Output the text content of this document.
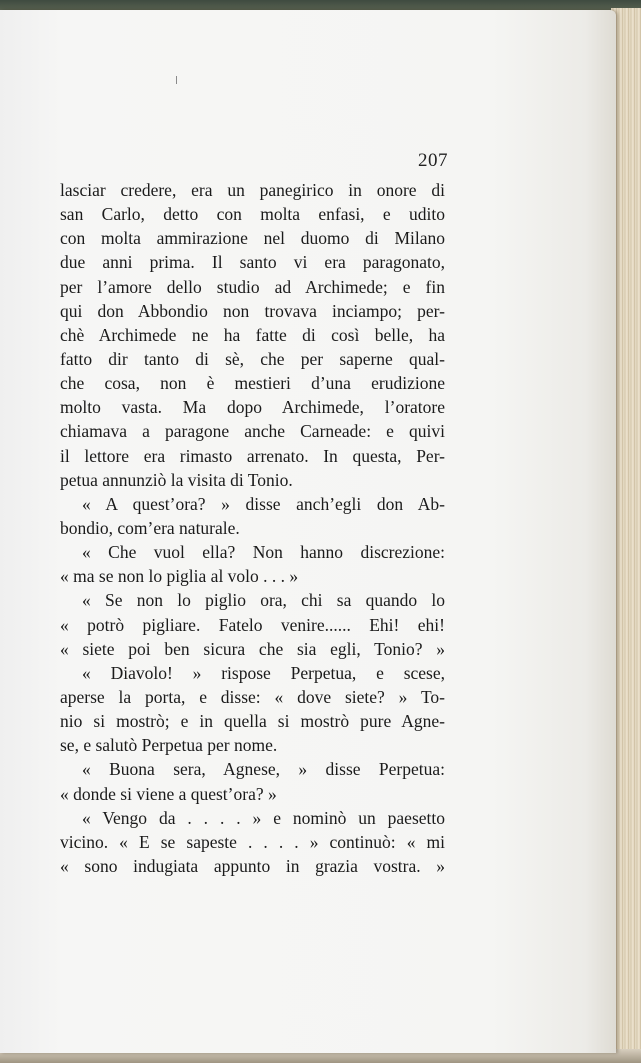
207
lasciar credere, era un panegirico in onore di
san Carlo, detto con molta enfasi, e udito
con molta ammirazione nel duomo di Milano
due anni prima. Il santo vi era paragonato,
per l’amore dello studio ad Archimede; e fin
qui don Abbondio non trovava inciampo; per-
chè Archimede ne ha fatte di così belle, ha
fatto dir tanto di sè, che per saperne qual-
che cosa, non è mestieri d’una erudizione
molto vasta. Ma dopo Archimede, l’oratore
chiamava a paragone anche Carneade: e quivi
il lettore era rimasto arrenato. In questa, Per-
petua annunziò la visita di Tonio.
« A quest’ora? » disse anch’egli don Ab-
bondio, com’era naturale.
« Che vuol ella? Non hanno discrezione:
« ma se non lo piglia al volo . . . »
« Se non lo piglio ora, chi sa quando lo
« potrò pigliare. Fatelo venire...... Ehi! ehi!
« siete poi ben sicura che sia egli, Tonio? »
« Diavolo! » rispose Perpetua, e scese,
aperse la porta, e disse: « dove siete? » To-
nio si mostrò; e in quella si mostrò pure Agne-
se, e salutò Perpetua per nome.
« Buona sera, Agnese, » disse Perpetua:
« donde si viene a quest’ora? »
« Vengo da . . . . » e nominò un paesetto
vicino. « E se sapeste . . . . » continuò: « mi
« sono indugiata appunto in grazia vostra. »
